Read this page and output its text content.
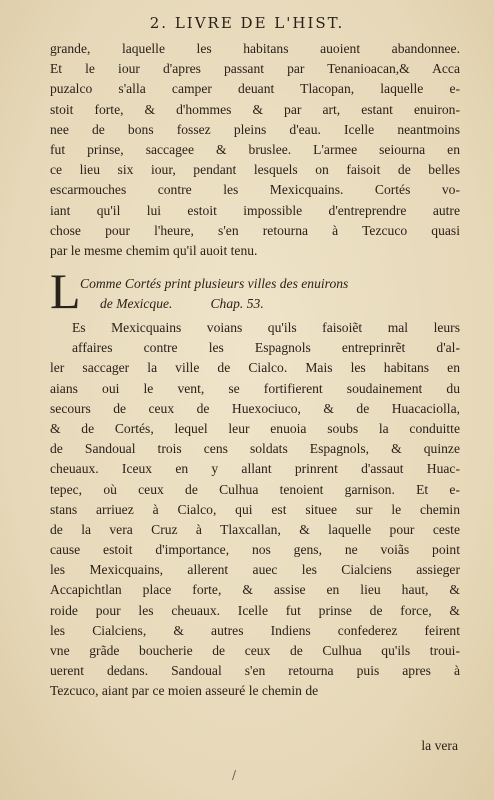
2. LIVRE DE L'HIST.
grande, laquelle les habitans auoient abandonnee.
Et le iour d'apres passant par Tenanioacan,& Acca
puzalco s'alla camper deuant Tlacopan, laquelle e-
stoit forte, & d'hommes & par art, estant enuiron-
nee de bons fossez pleins d'eau. Icelle neantmoins
fut prinse, saccagee & bruslee. L'armee seiourna en
ce lieu six iour, pendant lesquels on faisoit de belles
escarmouches contre les Mexicquains. Cortés vo-
iant qu'il lui estoit impossible d'entreprendre autre
chose pour l'heure, s'en retourna à Tezcuco quasi
par le mesme chemim qu'il auoit tenu.
Comme Cortés print plusieurs villes des enuirons
de Mexicque.	Chap. 53.
L
Es Mexicquains voians qu'ils faisoiẽt mal leurs
affaires contre les Espagnols entreprinrẽt d'al-
ler saccager la ville de Cialco. Mais les habitans en
aians oui le vent, se fortifierent soudainement du
secours de ceux de Huexociuco, & de Huacaciolla,
& de Cortés, lequel leur enuoia soubs la conduitte
de Sandoual trois cens soldats Espagnols, & quinze
cheuaux. Iceux en y allant prinrent d'assaut Huac-
tepec, où ceux de Culhua tenoient garnison. Et e-
stans arriuez à Cialco, qui est situee sur le chemin
de la vera Cruz à Tlaxcallan, & laquelle pour ceste
cause estoit d'importance, nos gens, ne voiãs point
les Mexicquains, allerent auec les Cialciens assieger
Accapichtlan place forte, & assise en lieu haut, &
roide pour les cheuaux. Icelle fut prinse de force, &
les Cialciens, & autres Indiens confederez feirent
vne grãde boucherie de ceux de Culhua qu'ils troui-
uerent dedans. Sandoual s'en retourna puis apres à
Tezcuco, aiant par ce moien asseuré le chemin de
la vera
/
